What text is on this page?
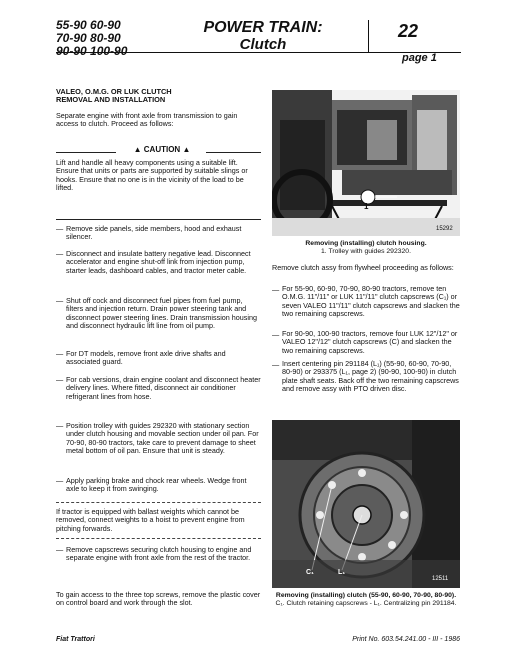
55-90 60-90
70-90 80-90
90-90 100-90
POWER TRAIN:
Clutch
22
page 1
VALEO, O.M.G. OR LUK CLUTCH
REMOVAL AND INSTALLATION
Separate engine with front axle from transmission to gain access to clutch. Proceed as follows:
▲ CAUTION ▲
Lift and handle all heavy components using a suitable lift. Ensure that units or parts are supported by suitable slings or hooks. Ensure that no one is in the vicinity of the load to be lifted.
— Remove side panels, side members, hood and exhaust silencer.
— Disconnect and insulate battery negative lead. Disconnect accelerator and engine shut-off link from injection pump, starter leads, dashboard cables, and tractor meter cable.
— Shut off cock and disconnect fuel pipes from fuel pump, filters and injection return. Drain power steering tank and disconnect power steering lines. Drain transmission housing and disconnect hydraulic lift line from oil pump.
— For DT models, remove front axle drive shafts and associated guard.
— For cab versions, drain engine coolant and disconnect heater delivery lines. Where fitted, disconnect air conditioner refrigerant lines from hose.
— Position trolley with guides 292320 with stationary section under clutch housing and movable section under oil pan. For 70-90, 80-90 tractors, take care to prevent damage to sheet metal bottom of oil pan. Ensure that unit is steady.
— Apply parking brake and chock rear wheels. Wedge front axle to keep it from swinging.
If tractor is equipped with ballast weights which cannot be removed, connect weights to a hoist to prevent engine from pitching forwards.
— Remove capscrews securing clutch housing to engine and separate engine with front axle from the rest of the tractor.
To gain access to the three top screws, remove the plastic cover on control board and work through the slot.
1
15292
Removing (installing) clutch housing.
1. Trolley with guides 292320.
Remove clutch assy from flywheel proceeding as follows:
— For 55-90, 60-90, 70-90, 80-90 tractors, remove ten O.M.G. 11"/11" or LUK 11"/11" clutch capscrews (C₁) or seven VALEO 11"/11" clutch capscrews and slacken the two remaining capscrews.
— For 90-90, 100-90 tractors, remove four LUK 12"/12" or VALEO 12"/12" clutch capscrews (C) and slacken the two remaining capscrews.
— Insert centering pin 291184 (L₁) (55-90, 60-90, 70-90, 80-90) or 293375 (L₁, page 2) (90-90, 100-90) in clutch plate shaft seats. Back off the two remaining capscrews and remove assy with PTO driven disc.
C₁	L₁
12511
Removing (installing) clutch (55-90, 60-90, 70-90, 80-90).
C₁. Clutch retaining capscrews - L₁. Centralizing pin 291184.
Fiat Trattori	Print No. 603.54.241.00 - III - 1986
